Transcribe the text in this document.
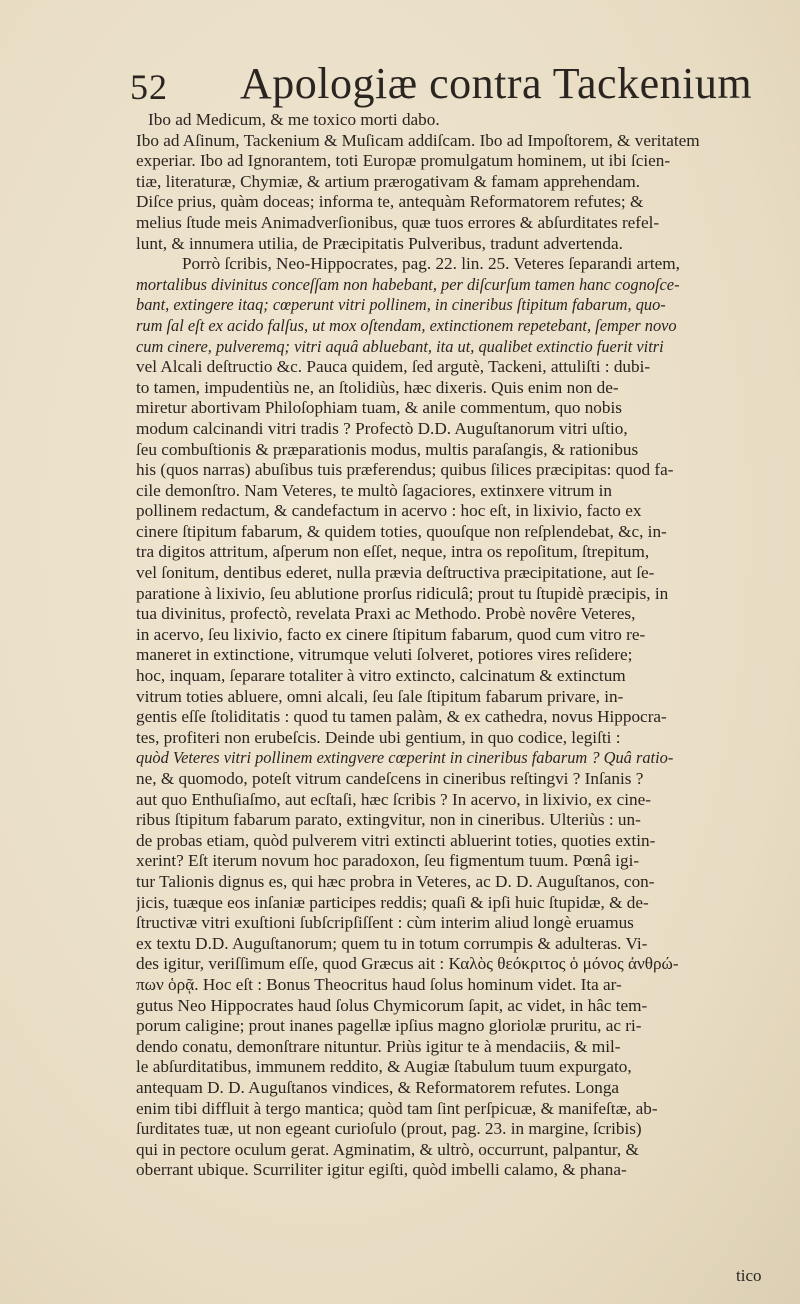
52 Apologiæ contra Tackenium
Ibo ad Medicum, & me toxico morti dabo.
Ibo ad Aſinum, Tackenium & Muſicam addiſcam. Ibo ad Impoſtorem, & veritatem
experiar. Ibo ad Ignorantem, toti Europæ promulgatum hominem, ut ibi ſcien-
tiæ, literaturæ, Chymiæ, & artium prærogativam & famam apprehendam.
Diſce prius, quàm doceas; informa te, antequàm Reformatorem refutes; &
melius ſtude meis Animadverſionibus, quæ tuos errores & abſurditates refel-
lunt, & innumera utilia, de Præcipitatis Pulveribus, tradunt advertenda.
Porrò ſcribis, Neo-Hippocrates, pag. 22. lin. 25. Veteres ſeparandi artem,
mortalibus divinitus conceſſam non habebant, per diſcurſum tamen hanc cognoſce-
bant, extingere itaq; cœperunt vitri pollinem, in cineribus ſtipitum fabarum, quo-
rum ſal eſt ex acido falſus, ut mox oſtendam, extinctionem repetebant, ſemper novo
cum cinere, pulveremq; vitri aquâ abluebant, ita ut, qualibet extinctio fuerit vitri
vel Alcali deſtructio &c. Pauca quidem, ſed argutè, Tackeni, attuliſti : dubi-
to tamen, impudentiùs ne, an ſtolidiùs, hæc dixeris. Quis enim non de-
miretur abortivam Philoſophiam tuam, & anile commentum, quo nobis
modum calcinandi vitri tradis ? Profectò D.D. Auguſtanorum vitri uſtio,
ſeu combuſtionis & præparationis modus, multis paraſangis, & rationibus
his (quos narras) abuſibus tuis præferendus; quibus ſilices præcipitas: quod fa-
cile demonſtro. Nam Veteres, te multò ſagaciores, extinxere vitrum in
pollinem redactum, & candefactum in acervo : hoc eſt, in lixivio, facto ex
cinere ſtipitum fabarum, & quidem toties, quouſque non reſplendebat, &c, in-
tra digitos attritum, aſperum non eſſet, neque, intra os repoſitum, ſtrepitum,
vel ſonitum, dentibus ederet, nulla prævia deſtructiva præcipitatione, aut ſe-
paratione à lixivio, ſeu ablutione prorſus ridiculâ; prout tu ſtupidè præcipis, in
tua divinitus, profectò, revelata Praxi ac Methodo. Probè novêre Veteres,
in acervo, ſeu lixivio, facto ex cinere ſtipitum fabarum, quod cum vitro re-
maneret in extinctione, vitrumque veluti ſolveret, potiores vires reſidere;
hoc, inquam, ſeparare totaliter à vitro extincto, calcinatum & extinctum
vitrum toties abluere, omni alcali, ſeu ſale ſtipitum fabarum privare, in-
gentis eſſe ſtoliditatis : quod tu tamen palàm, & ex cathedra, novus Hippocra-
tes, profiteri non erubeſcis. Deinde ubi gentium, in quo codice, legiſti :
quòd Veteres vitri pollinem extingvere cœperint in cineribus fabarum ? Quâ ratio-
ne, & quomodo, poteſt vitrum candeſcens in cineribus reſtingvi ? Inſanis ?
aut quo Enthuſiaſmo, aut ecſtaſi, hæc ſcribis ? In acervo, in lixivio, ex cine-
ribus ſtipitum fabarum parato, extingvitur, non in cineribus. Ulteriùs : un-
de probas etiam, quòd pulverem vitri extincti abluerint toties, quoties extin-
xerint? Eſt iterum novum hoc paradoxon, ſeu figmentum tuum. Pœnâ igi-
tur Talionis dignus es, qui hæc probra in Veteres, ac D. D. Auguſtanos, con-
jicis, tuæque eos inſaniæ participes reddis; quaſi & ipſi huic ſtupidæ, & de-
ſtructivæ vitri exuſtioni ſubſcripſiſſent : cùm interim aliud longè eruamus
ex textu D.D. Auguſtanorum; quem tu in totum corrumpis & adulteras. Vi-
des igitur, veriſſimum eſſe, quod Græcus ait : Καλὸς θεόκριτος ὁ μόνος ἀνθρώ-
πων ὁρᾷ. Hoc eſt : Bonus Theocritus haud ſolus hominum videt. Ita ar-
gutus Neo Hippocrates haud ſolus Chymicorum ſapit, ac videt, in hâc tem-
porum caligine; prout inanes pagellæ ipſius magno gloriolæ pruritu, ac ri-
dendo conatu, demonſtrare nituntur. Priùs igitur te à mendaciis, & mil-
le abſurditatibus, immunem reddito, & Augiæ ſtabulum tuum expurgato,
antequam D. D. Auguſtanos vindices, & Reformatorem refutes. Longa
enim tibi diffluit à tergo mantica; quòd tam ſint perſpicuæ, & manifeſtæ, ab-
ſurditates tuæ, ut non egeant curioſulo (prout, pag. 23. in margine, ſcribis)
qui in pectore oculum gerat. Agminatim, & ultrò, occurrunt, palpantur, &
oberrant ubique. Scurriliter igitur egiſti, quòd imbelli calamo, & phana-
tico
